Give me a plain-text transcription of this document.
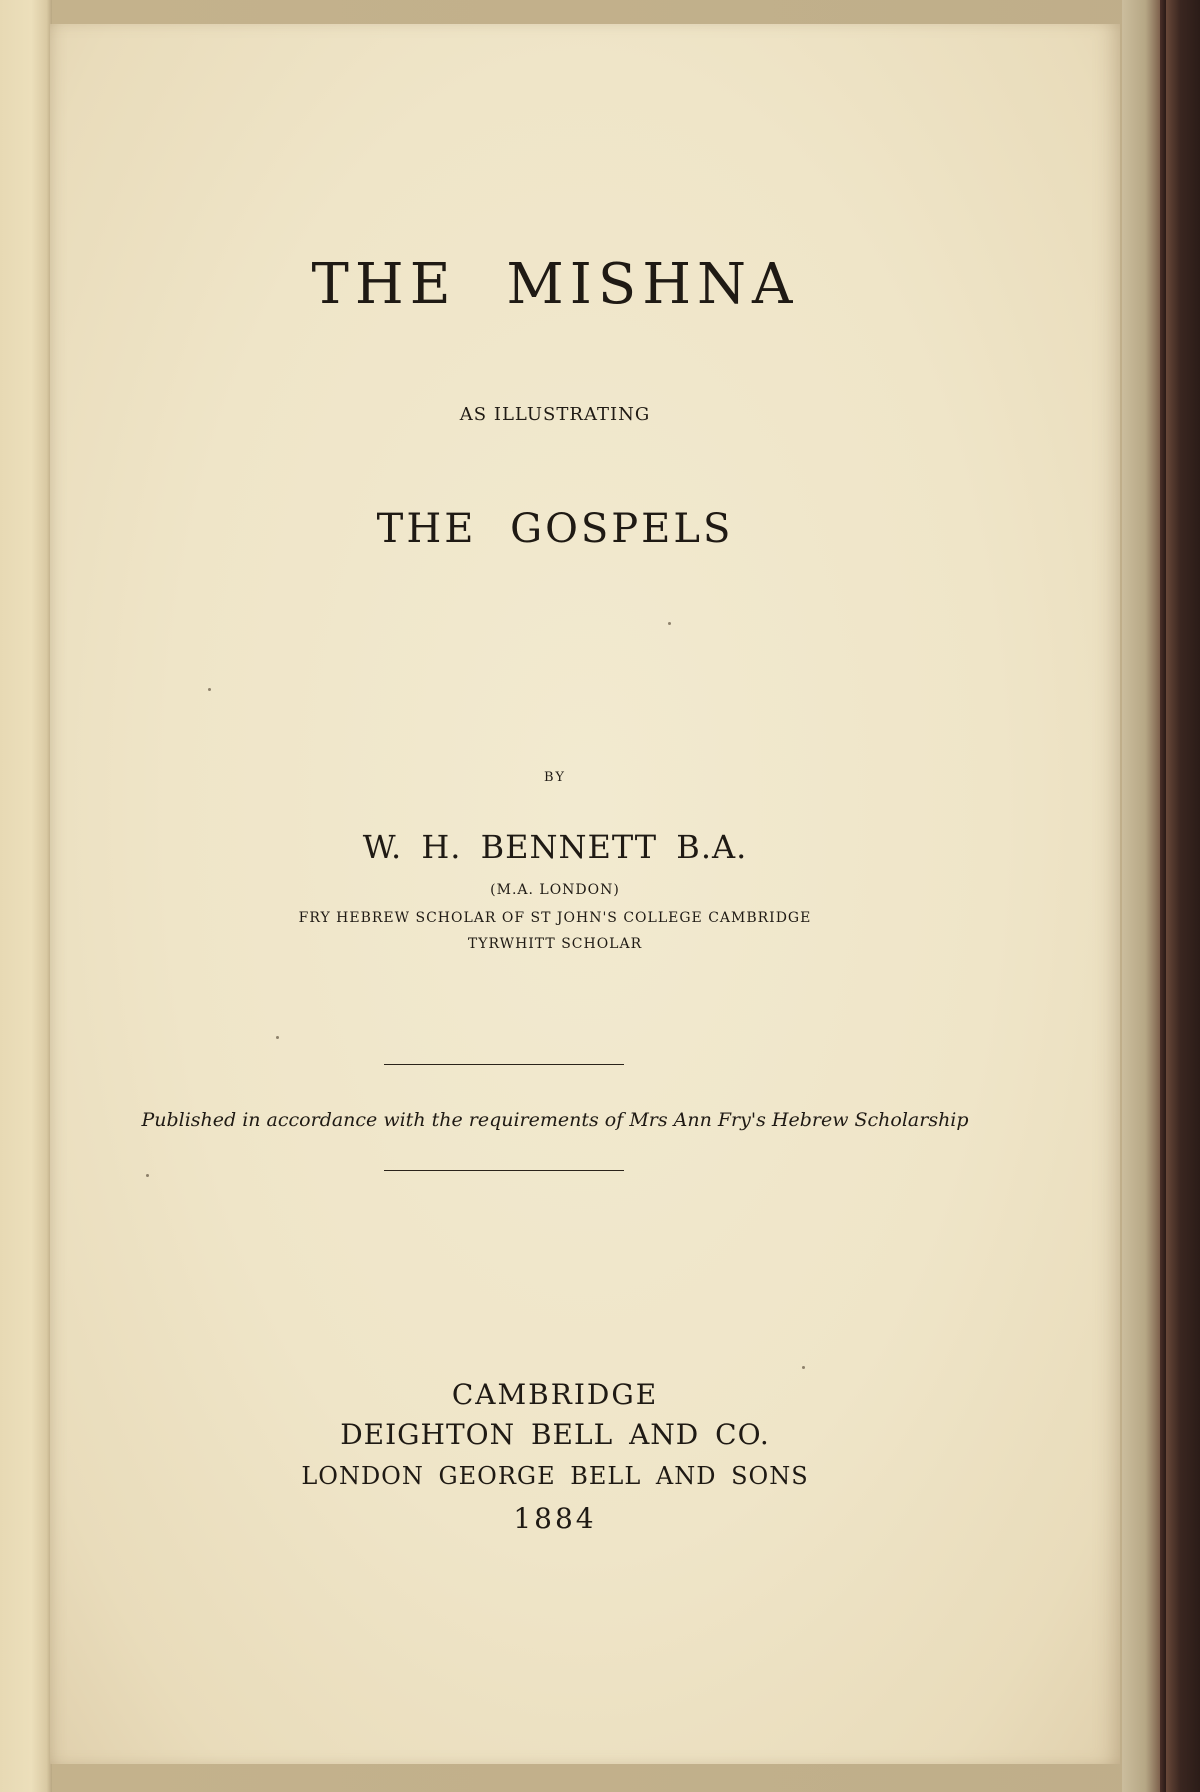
THE MISHNA

AS ILLUSTRATING

THE GOSPELS

BY

W. H. BENNETT B.A.

(M.A. LONDON)

FRY HEBREW SCHOLAR OF ST JOHN'S COLLEGE CAMBRIDGE

TYRWHITT SCHOLAR

Published in accordance with the requirements of Mrs Ann Fry's Hebrew Scholarship

CAMBRIDGE

DEIGHTON BELL AND CO.

LONDON GEORGE BELL AND SONS

1884
